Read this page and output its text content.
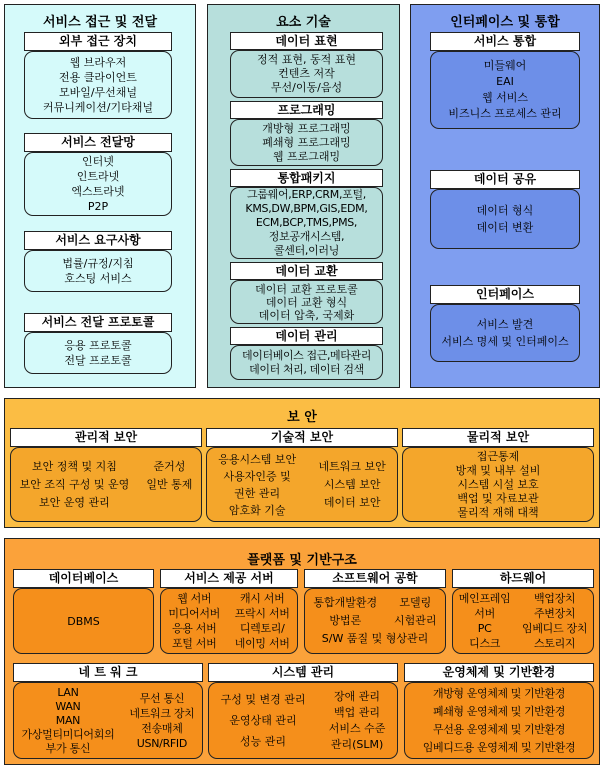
서비스 접근 및 전달
외부 접근 장치
웹 브라우저
전용 클라이언트
모바일/무선채널
커뮤니케이션/기타채널
서비스 전달망
인터넷
인트라넷
엑스트라넷
P2P
서비스 요구사항
법률/규정/지침
호스팅 서비스
서비스 전달 프로토콜
응용 프로토콜
전달 프로토콜
요소 기술
데이터 표현
정적 표현, 동적 표현
컨텐츠 저작
무선/이동/음성
프로그래밍
개방형 프로그래밍
폐쇄형 프로그래밍
웹 프로그래밍
통합패키지
그룹웨어,ERP,CRM,포털,
KMS,DW,BPM,GIS,EDM,
ECM,BCP,TMS,PMS,
정보공개시스템,
콜센터,이러닝
데이터 교환
데이터 교환 프로토콜
데이터 교환 형식
데이터 압축, 국제화
데이터 관리
데이터베이스 접근,메타관리
데이터 처리, 데이터 검색
인터페이스 및 통합
서비스 통합
미들웨어
EAI
웹 서비스
비즈니스 프로세스 관리
데이터 공유
데이터 형식
데이터 변환
인터페이스
서비스 발견
서비스 명세 및 인터페이스
보 안
관리적 보안
보안 정책 및 지침
보안 조직 구성 및 운영
보안 운영 관리
준거성
일반 통제
기술적 보안
응용시스템 보안
사용자인증 및
권한 관리
암호화 기술
네트워크 보안
시스템 보안
데이터 보안
물리적 보안
접근통제
방재 및 내부 설비
시스템 시설 보호
백업 및 자료보관
물리적 재해 대책
플랫폼 및 기반구조
데이터베이스
DBMS
서비스 제공 서버
웹 서버
미디어서버
응용 서버
포털 서버
캐시 서버
프락시 서버
디렉토리/
네이밍 서버
소프트웨어 공학
통합개발환경
방법론
모델링
시험관리
S/W 품질 및 형상관리
하드웨어
메인프레임
서버
PC
디스크
백업장치
주변장치
임베디드 장치
스토리지
네 트 워 크
LAN
WAN
MAN
가상멀티미디어회의
부가 통신
무선 통신
네트워크 장치
전송매체
USN/RFID
시스템 관리
구성 및 변경 관리
운영상태 관리
성능 관리
장애 관리
백업 관리
서비스 수준
관리(SLM)
운영체제 및 기반환경
개방형 운영체제 및 기반환경
폐쇄형 운영체제 및 기반환경
무선용 운영체제 및 기반환경
임베디드용 운영체제 및 기반환경
